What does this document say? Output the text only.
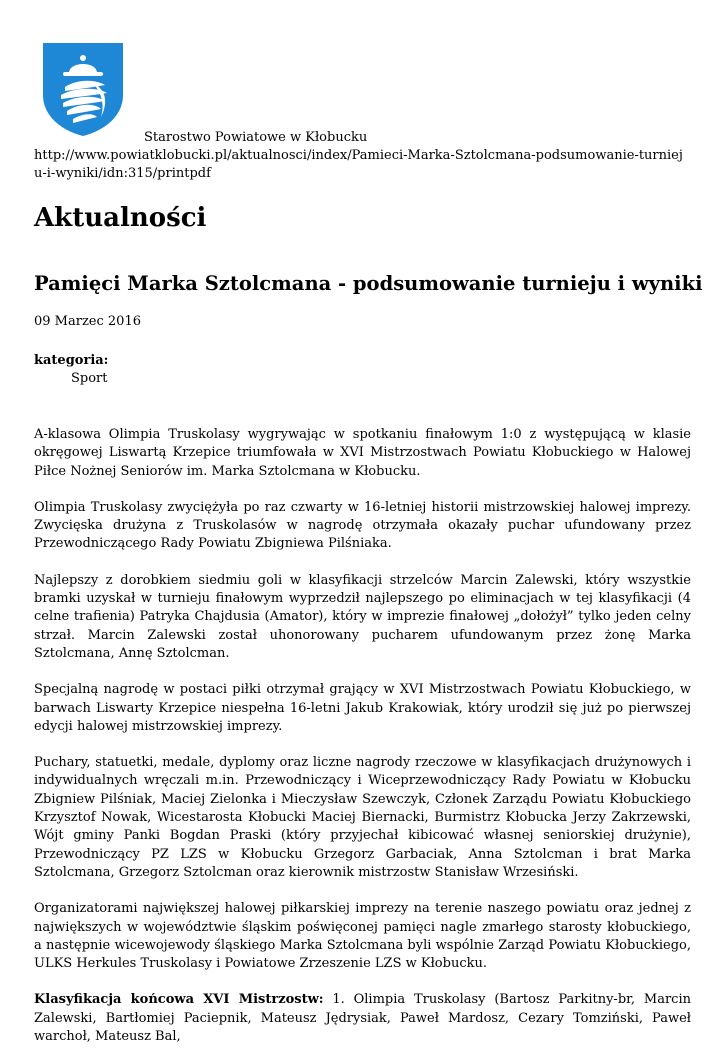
Starostwo Powiatowe w Kłobucku
http://www.powiatklobucki.pl/aktualnosci/index/Pamieci-Marka-Sztolcmana-podsumowanie-turnieju-i-wyniki/idn:315/printpdf
Aktualności
Pamięci Marka Sztolcmana - podsumowanie turnieju i wyniki
09 Marzec 2016
kategoria:
Sport

A-klasowa Olimpia Truskolasy wygrywając w spotkaniu finałowym 1:0 z występującą w klasie okręgowej Liswartą Krzepice triumfowała w XVI Mistrzostwach Powiatu Kłobuckiego w Halowej Piłce Nożnej Seniorów im. Marka Sztolcmana w Kłobucku.

Olimpia Truskolasy zwyciężyła po raz czwarty w 16-letniej historii mistrzowskiej halowej imprezy. Zwycięska drużyna z Truskolasów w nagrodę otrzymała okazały puchar ufundowany przez Przewodniczącego Rady Powiatu Zbigniewa Pilśniaka.

Najlepszy z dorobkiem siedmiu goli w klasyfikacji strzelców Marcin Zalewski, który wszystkie bramki uzyskał w turnieju finałowym wyprzedził najlepszego po eliminacjach w tej klasyfikacji (4 celne trafienia) Patryka Chajdusia (Amator), który w imprezie finałowej „dołożył” tylko jeden celny strzał. Marcin Zalewski został uhonorowany pucharem ufundowanym przez żonę Marka Sztolcmana, Annę Sztolcman.

Specjalną nagrodę w postaci piłki otrzymał grający w XVI Mistrzostwach Powiatu Kłobuckiego, w barwach Liswarty Krzepice niespełna 16-letni Jakub Krakowiak, który urodził się już po pierwszej edycji halowej mistrzowskiej imprezy.

Puchary, statuetki, medale, dyplomy oraz liczne nagrody rzeczowe w klasyfikacjach drużynowych i indywidualnych wręczali m.in. Przewodniczący i Wiceprzewodniczący Rady Powiatu w Kłobucku Zbigniew Pilśniak, Maciej Zielonka i Mieczysław Szewczyk, Członek Zarządu Powiatu Kłobuckiego Krzysztof Nowak, Wicestarosta Kłobucki Maciej Biernacki, Burmistrz Kłobucka Jerzy Zakrzewski, Wójt gminy Panki Bogdan Praski (który przyjechał kibicować własnej seniorskiej drużynie), Przewodniczący PZ LZS w Kłobucku Grzegorz Garbaciak, Anna Sztolcman i brat Marka Sztolcmana, Grzegorz Sztolcman oraz kierownik mistrzostw Stanisław Wrzesiński.

Organizatorami największej halowej piłkarskiej imprezy na terenie naszego powiatu oraz jednej z największych w województwie śląskim poświęconej pamięci nagle zmarłego starosty kłobuckiego, a następnie wicewojewody śląskiego Marka Sztolcmana byli wspólnie Zarząd Powiatu Kłobuckiego, ULKS Herkules Truskolasy i Powiatowe Zrzeszenie LZS w Kłobucku.

Klasyfikacja końcowa XVI Mistrzostw: 1. Olimpia Truskolasy (Bartosz Parkitny-br, Marcin Zalewski, Bartłomiej Paciepnik, Mateusz Jędrysiak, Paweł Mardosz, Cezary Tomziński, Paweł warchoł, Mateusz Bal,
